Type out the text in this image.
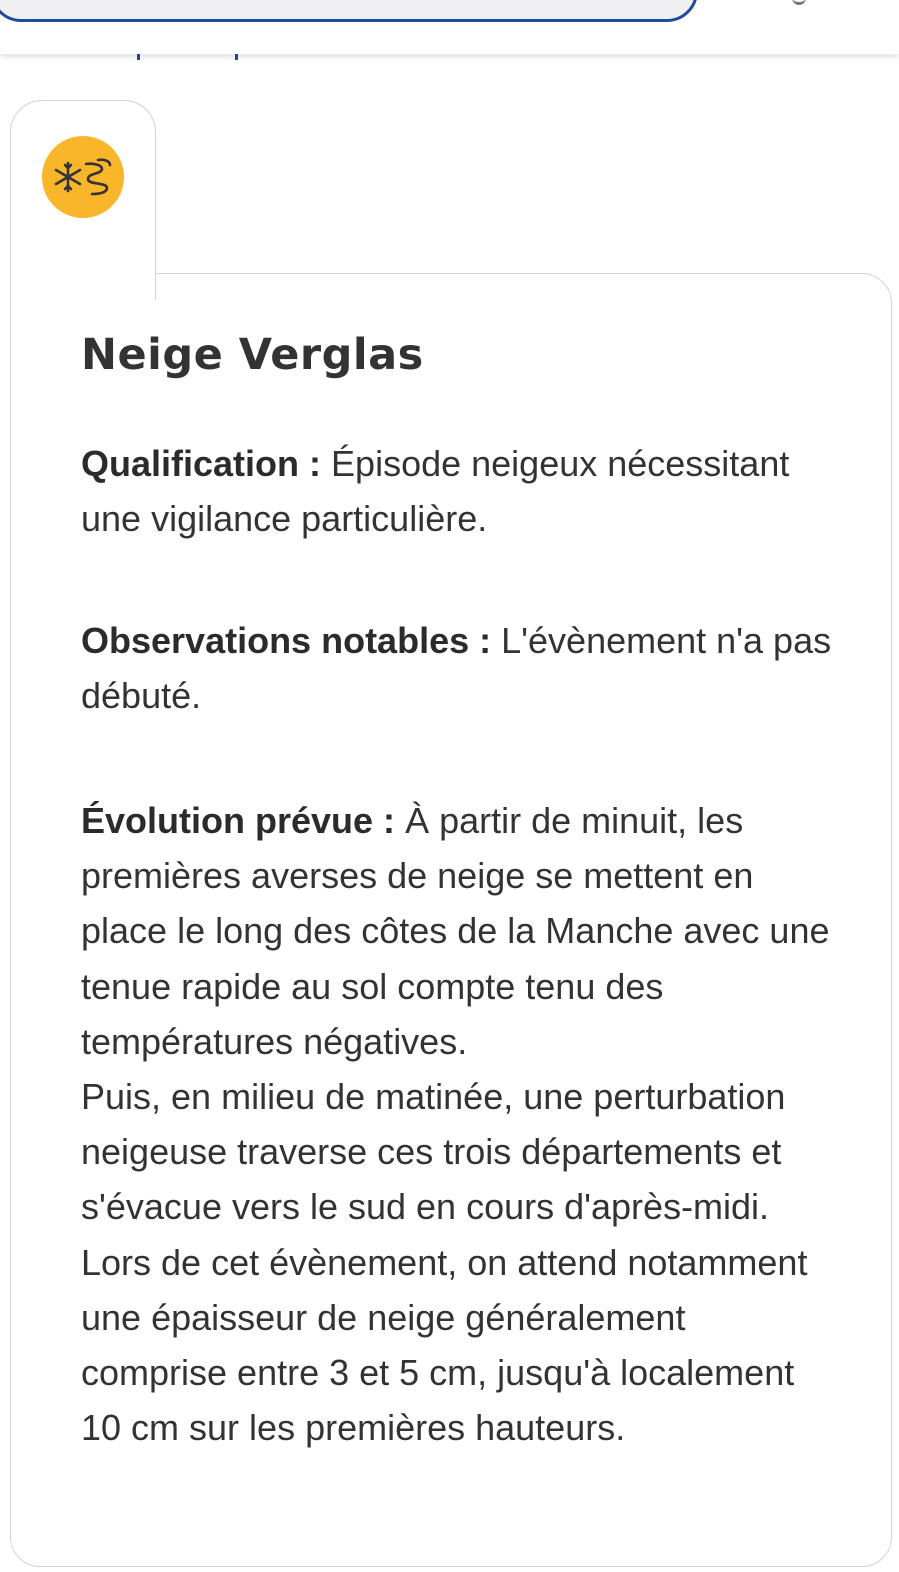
Neige Verglas

Qualification : Épisode neigeux nécessitant une vigilance particulière.

Observations notables : L'évènement n'a pas débuté.

Évolution prévue : À partir de minuit, les premières averses de neige se mettent en place le long des côtes de la Manche avec une tenue rapide au sol compte tenu des températures négatives.
Puis, en milieu de matinée, une perturbation neigeuse traverse ces trois départements et s'évacue vers le sud en cours d'après-midi.
Lors de cet évènement, on attend notamment une épaisseur de neige généralement comprise entre 3 et 5 cm, jusqu'à localement 10 cm sur les premières hauteurs.
